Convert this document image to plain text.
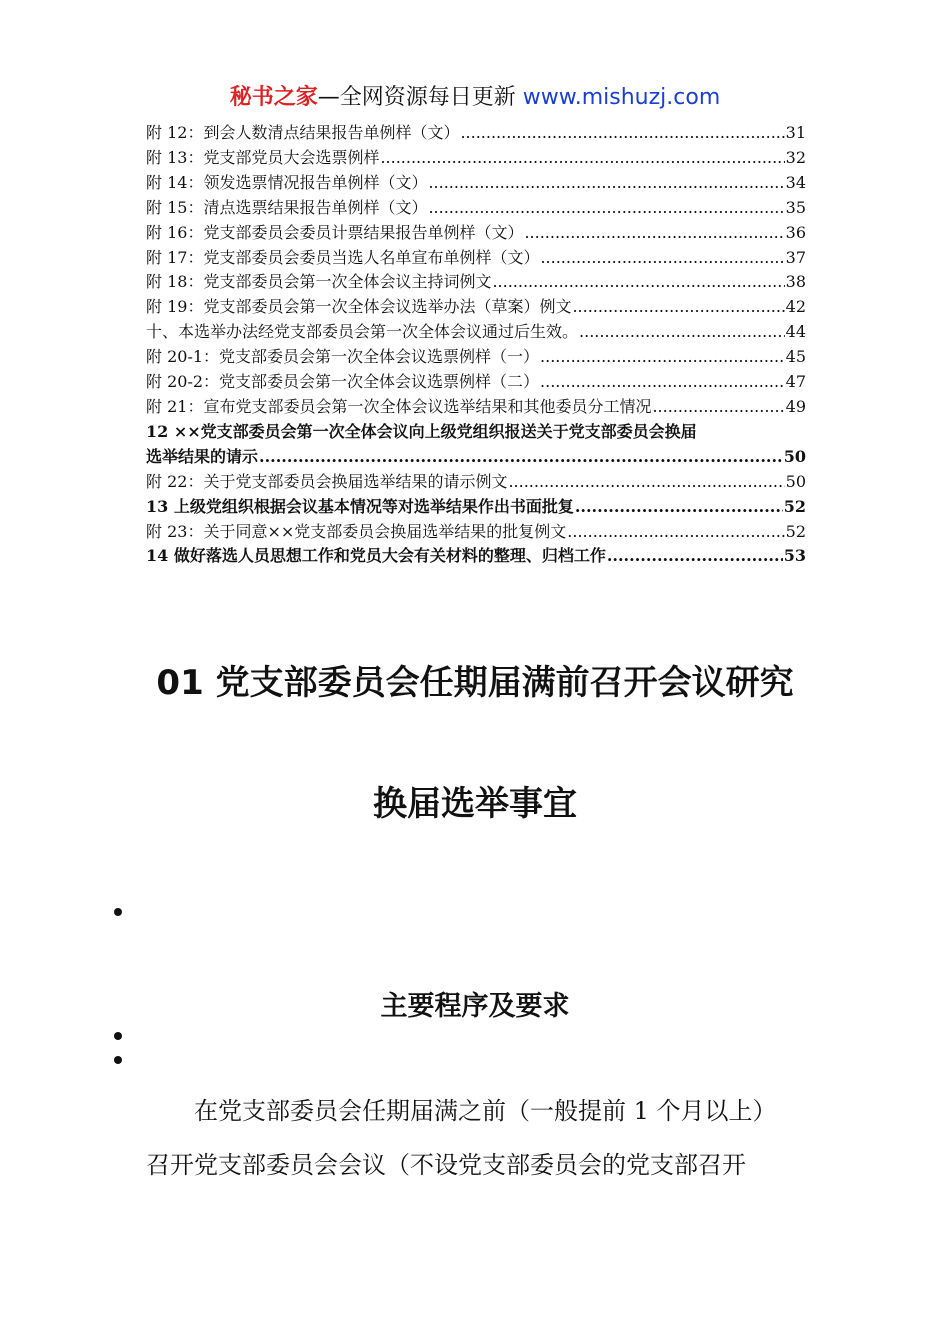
秘书之家—全网资源每日更新 www.mishuzj.com
附 12：到会人数清点结果报告单例样（文） .....	31
附 13：党支部党员大会选票例样 .....	32
附 14：领发选票情况报告单例样（文） .....	34
附 15：清点选票结果报告单例样（文） .....	35
附 16：党支部委员会委员计票结果报告单例样（文） .....	36
附 17：党支部委员会委员当选人名单宣布单例样（文） .....	37
附 18：党支部委员会第一次全体会议主持词例文 .....	38
附 19：党支部委员会第一次全体会议选举办法（草案）例文 .....	42
十、本选举办法经党支部委员会第一次全体会议通过后生效。 .....	44
附 20-1：党支部委员会第一次全体会议选票例样（一） .....	45
附 20-2：党支部委员会第一次全体会议选票例样（二） .....	47
附 21：宣布党支部委员会第一次全体会议选举结果和其他委员分工情况 .....	49
12 ××党支部委员会第一次全体会议向上级党组织报送关于党支部委员会换届
选举结果的请示 .....	50
附 22：关于党支部委员会换届选举结果的请示例文 .....	50
13 上级党组织根据会议基本情况等对选举结果作出书面批复 .....	52
附 23：关于同意××党支部委员会换届选举结果的批复例文 .....	52
14 做好落选人员思想工作和党员大会有关材料的整理、归档工作 .....	53
01 党支部委员会任期届满前召开会议研究
换届选举事宜
主要程序及要求
在党支部委员会任期届满之前（一般提前 1 个月以上）
召开党支部委员会会议（不设党支部委员会的党支部召开
